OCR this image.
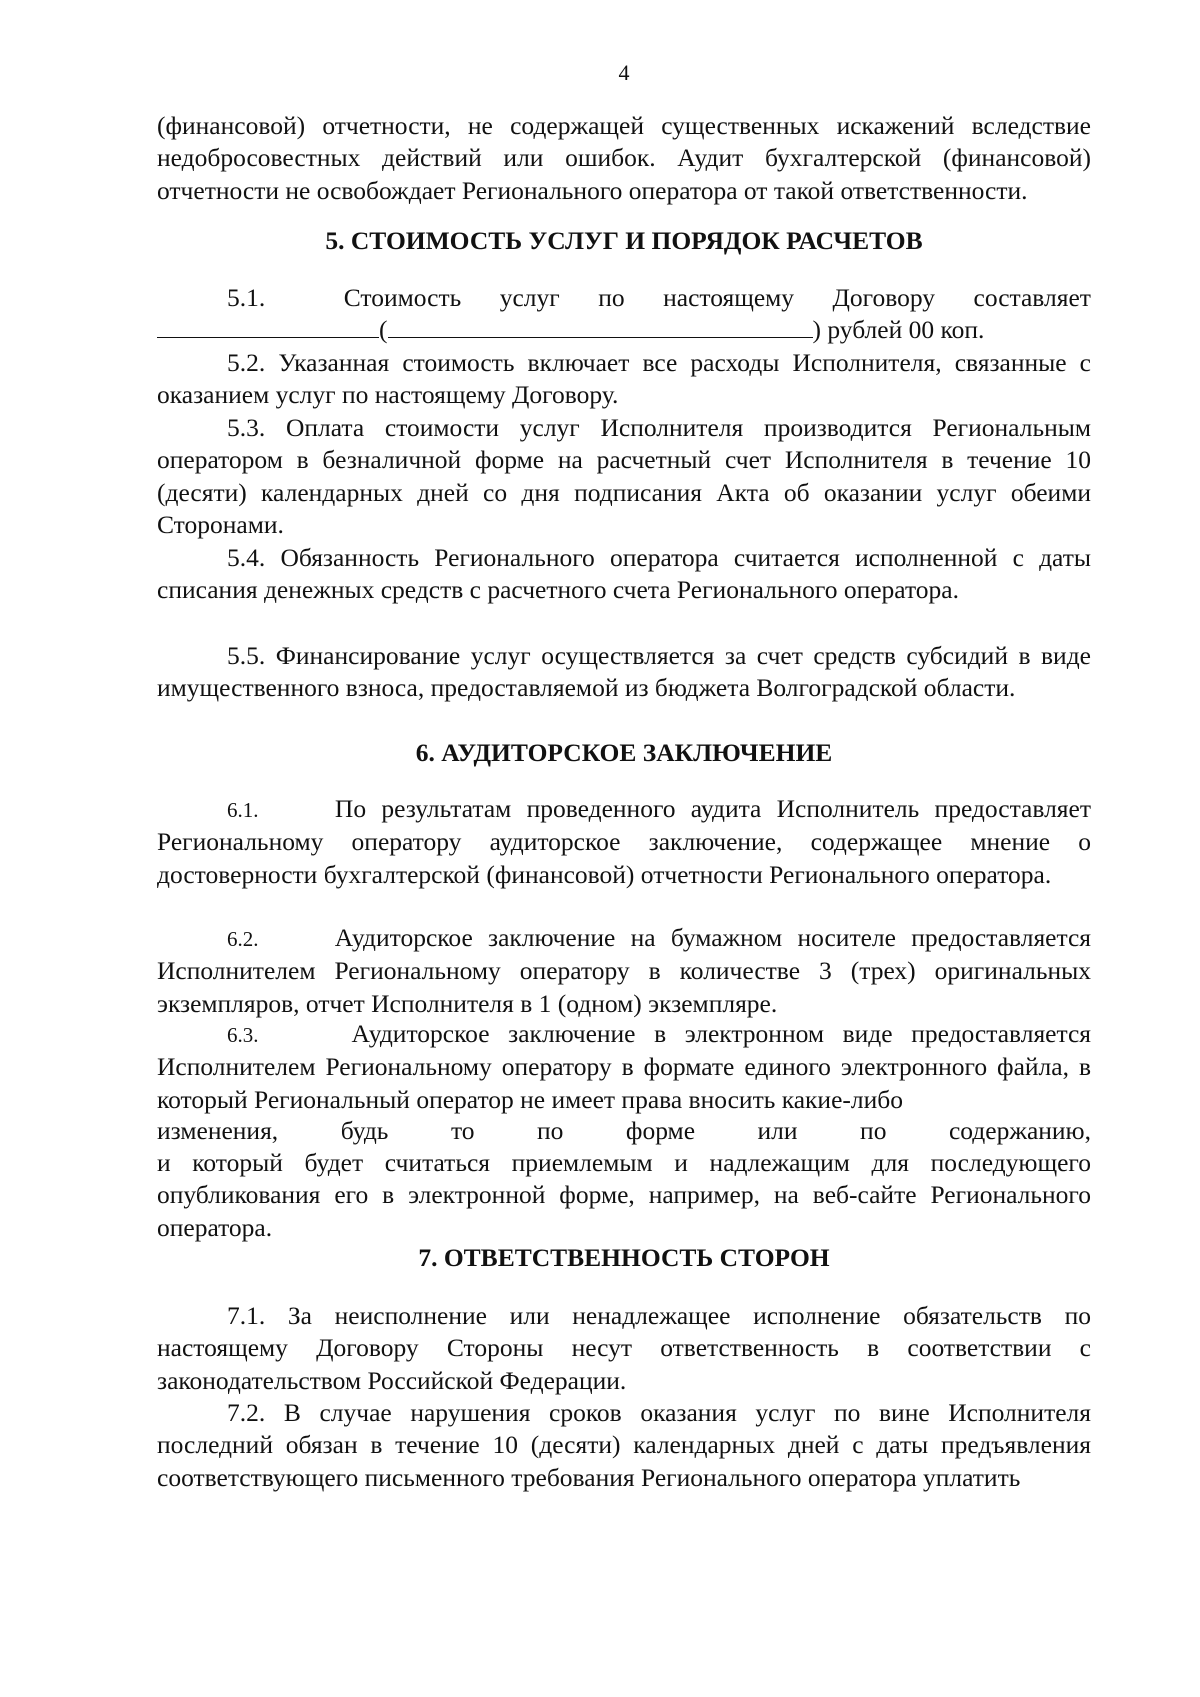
4

(финансовой) отчетности, не содержащей существенных искажений вследствие недобросовестных действий или ошибок. Аудит бухгалтерской (финансовой) отчетности не освобождает Регионального оператора от такой ответственности.

5. СТОИМОСТЬ УСЛУГ И ПОРЯДОК РАСЧЕТОВ
5.1.	Стоимость услуг по настоящему Договору составляет
(	) рублей 00 коп.

5.2. Указанная стоимость включает все расходы Исполнителя, связанные с оказанием услуг по настоящему Договору.

5.3. Оплата стоимости услуг Исполнителя производится Региональным оператором в безналичной форме на расчетный счет Исполнителя в течение 10 (десяти) календарных дней со дня подписания Акта об оказании услуг обеими Сторонами.

5.4. Обязанность Регионального оператора считается исполненной с даты списания денежных средств с расчетного счета Регионального оператора.

5.5. Финансирование услуг осуществляется за счет средств субсидий в виде имущественного взноса, предоставляемой из бюджета Волгоградской области.

6. АУДИТОРСКОЕ ЗАКЛЮЧЕНИЕ

6.1.	По результатам проведенного аудита Исполнитель предоставляет Региональному оператору аудиторское заключение, содержащее мнение о достоверности бухгалтерской (финансовой) отчетности Регионального оператора.

6.2.	Аудиторское заключение на бумажном носителе предоставляется Исполнителем Региональному оператору в количестве 3 (трех) оригинальных экземпляров, отчет Исполнителя в 1 (одном) экземпляре.

6.3.	Аудиторское заключение в электронном виде предоставляется Исполнителем Региональному оператору в формате единого электронного файла, в который Региональный оператор не имеет права вносить какие-либо

изменения, будь то по форме или по содержанию,

и который будет считаться приемлемым и надлежащим для последующего опубликования его в электронной форме, например, на веб-сайте Регионального оператора.

7. ОТВЕТСТВЕННОСТЬ СТОРОН

7.1. За неисполнение или ненадлежащее исполнение обязательств по настоящему Договору Стороны несут ответственность в соответствии с законодательством Российской Федерации.

7.2. В случае нарушения сроков оказания услуг по вине Исполнителя последний обязан в течение 10 (десяти) календарных дней с даты предъявления соответствующего письменного требования Регионального оператора уплатить
